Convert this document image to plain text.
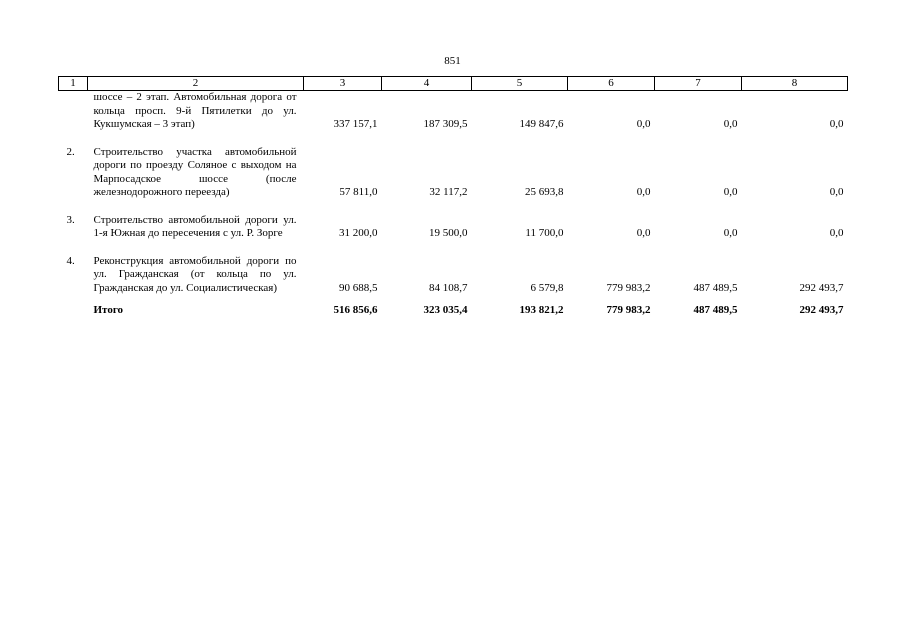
851
1	2	3	4	5	6	7	8
	шоссе – 2 этап. Автомобильная дорога от кольца просп. 9-й Пятилетки до ул. Кукшумская – 3 этап)	337 157,1	187 309,5	149 847,6	0,0	0,0	0,0

2.	Строительство участка автомобильной дороги по проезду Соляное с выходом на Марпосадское шоссе (после железнодорожного переезда)	57 811,0	32 117,2	25 693,8	0,0	0,0	0,0

3.	Строительство автомобильной дороги ул. 1-я Южная до пересечения с ул. Р. Зорге	31 200,0	19 500,0	11 700,0	0,0	0,0	0,0

4.	Реконструкция автомобильной дороги по ул. Гражданская (от кольца по ул. Гражданская до ул. Социалистическая)	90 688,5	84 108,7	6 579,8	779 983,2	487 489,5	292 493,7
	Итого	516 856,6	323 035,4	193 821,2	779 983,2	487 489,5	292 493,7
